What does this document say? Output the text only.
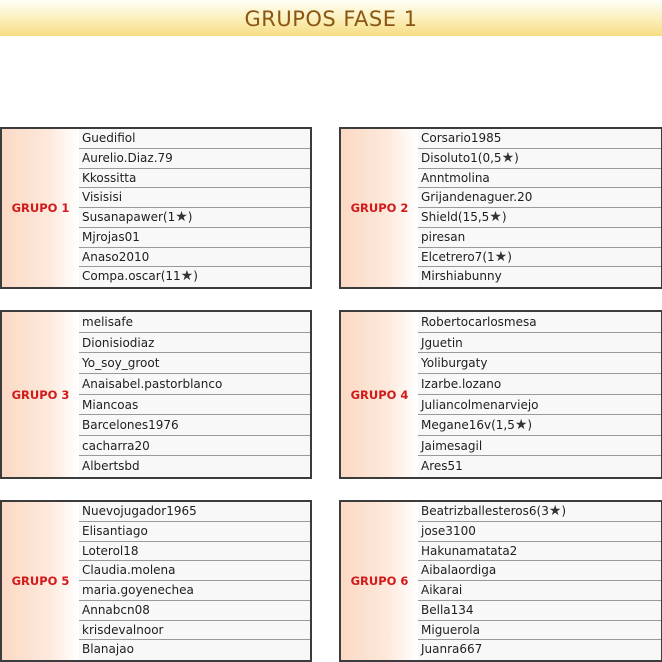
GRUPOS FASE 1
GRUPO 1
Guedifiol
Aurelio.Diaz.79
Kkossitta
Visisisi
Susanapawer(1★)
Mjrojas01
Anaso2010
Compa.oscar(11★)
GRUPO 2
Corsario1985
Disoluto1(0,5★)
Anntmolina
Grijandenaguer.20
Shield(15,5★)
piresan
Elcetrero7(1★)
Mirshiabunny
GRUPO 3
melisafe
Dionisiodiaz
Yo_soy_groot
Anaisabel.pastorblanco
Miancoas
Barcelones1976
cacharra20
Albertsbd
GRUPO 4
Robertocarlosmesa
Jguetin
Yoliburgaty
Izarbe.lozano
Juliancolmenarviejo
Megane16v(1,5★)
Jaimesagil
Ares51
GRUPO 5
Nuevojugador1965
Elisantiago
Loterol18
Claudia.molena
maria.goyenechea
Annabcn08
krisdevalnoor
Blanajao
GRUPO 6
Beatrizballesteros6(3★)
jose3100
Hakunamatata2
Aibalaordiga
Aikarai
Bella134
Miguerola
Juanra667
